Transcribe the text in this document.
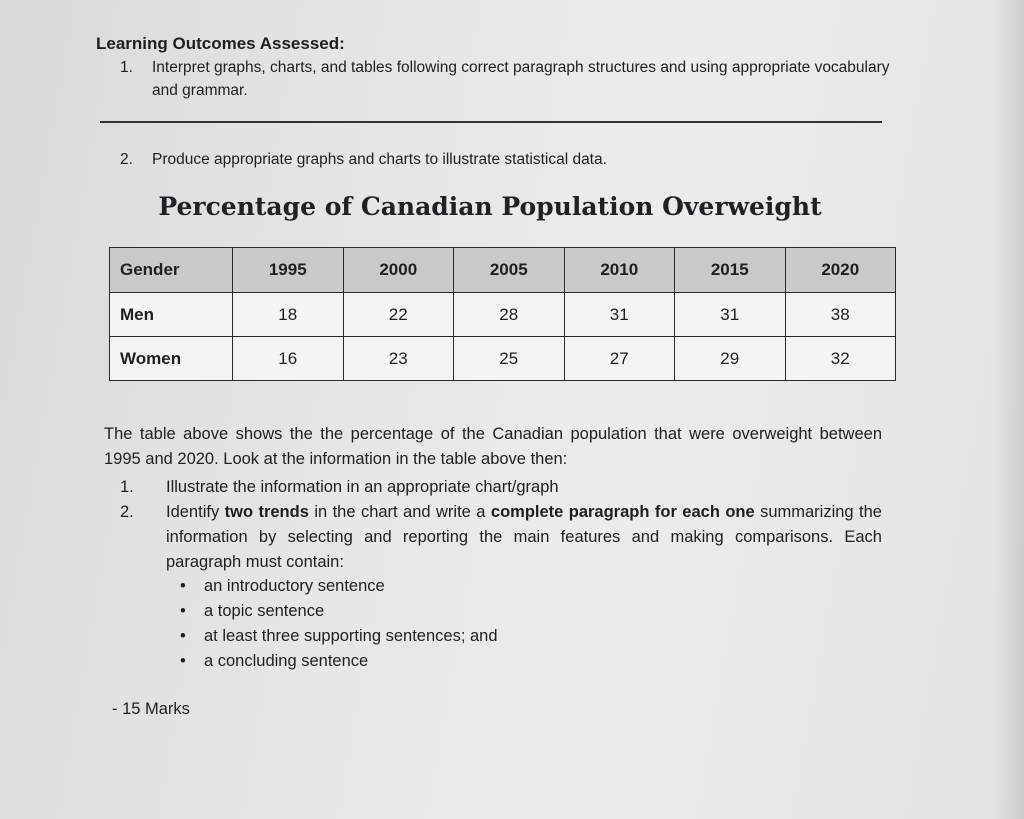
Learning Outcomes Assessed:
1.	Interpret graphs, charts, and tables following correct paragraph structures and using appropriate vocabulary and grammar.
2.	Produce appropriate graphs and charts to illustrate statistical data.
Percentage of Canadian Population Overweight
Gender	1995	2000	2005	2010	2015	2020
Men	18	22	28	31	31	38
Women	16	23	25	27	29	32
The table above shows the the percentage of the Canadian population that were overweight between 1995 and 2020. Look at the information in the table above then:
1.	Illustrate the information in an appropriate chart/graph
2.	Identify two trends in the chart and write a complete paragraph for each one summarizing the information by selecting and reporting the main features and making comparisons. Each paragraph must contain:
• an introductory sentence
• a topic sentence
• at least three supporting sentences; and
• a concluding sentence
- 15 Marks
